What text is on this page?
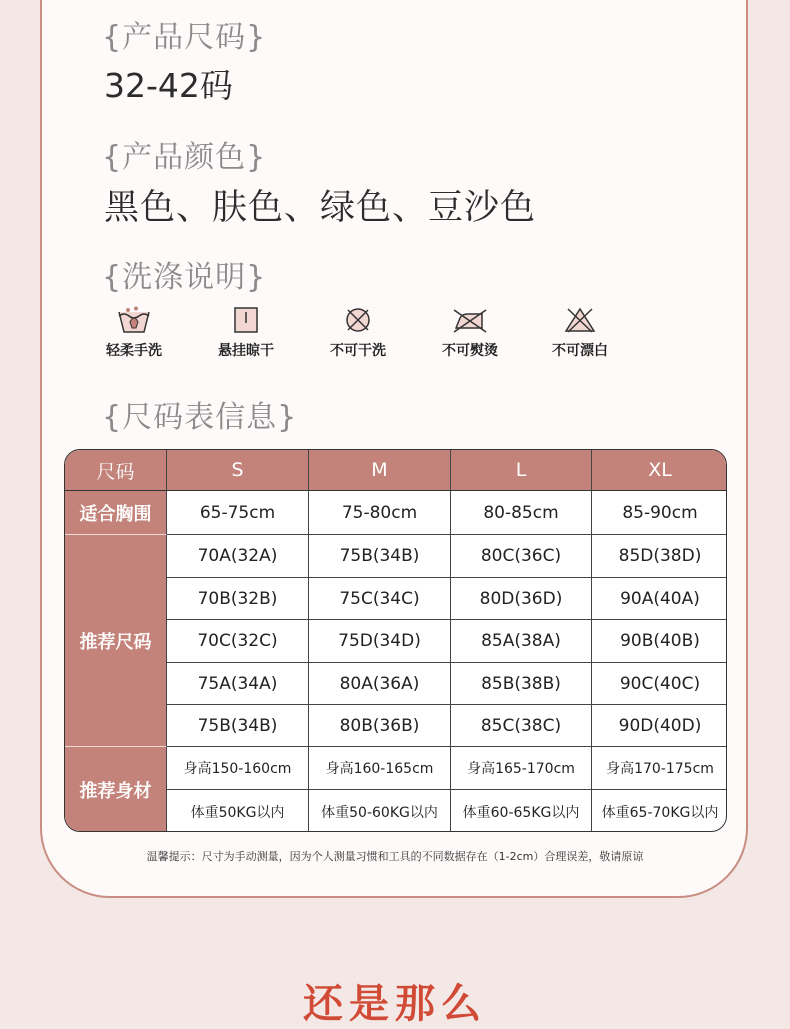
{产品尺码}
32-42码
{产品颜色}
黑色、肤色、绿色、豆沙色
{洗涤说明}
轻柔手洗	悬挂晾干	不可干洗	不可熨烫	不可漂白
{尺码表信息}
尺码	S	M	L	XL
适合胸围	65-75cm	75-80cm	80-85cm	85-90cm
推荐尺码
70A(32A)	75B(34B)	80C(36C)	85D(38D)
70B(32B)	75C(34C)	80D(36D)	90A(40A)
70C(32C)	75D(34D)	85A(38A)	90B(40B)
75A(34A)	80A(36A)	85B(38B)	90C(40C)
75B(34B)	80B(36B)	85C(38C)	90D(40D)
推荐身材
身高150-160cm	身高160-165cm	身高165-170cm	身高170-175cm
体重50KG以内	体重50-60KG以内	体重60-65KG以内	体重65-70KG以内
温馨提示：尺寸为手动测量，因为个人测量习惯和工具的不同数据存在（1-2cm）合理误差，敬请原谅
还是那么
